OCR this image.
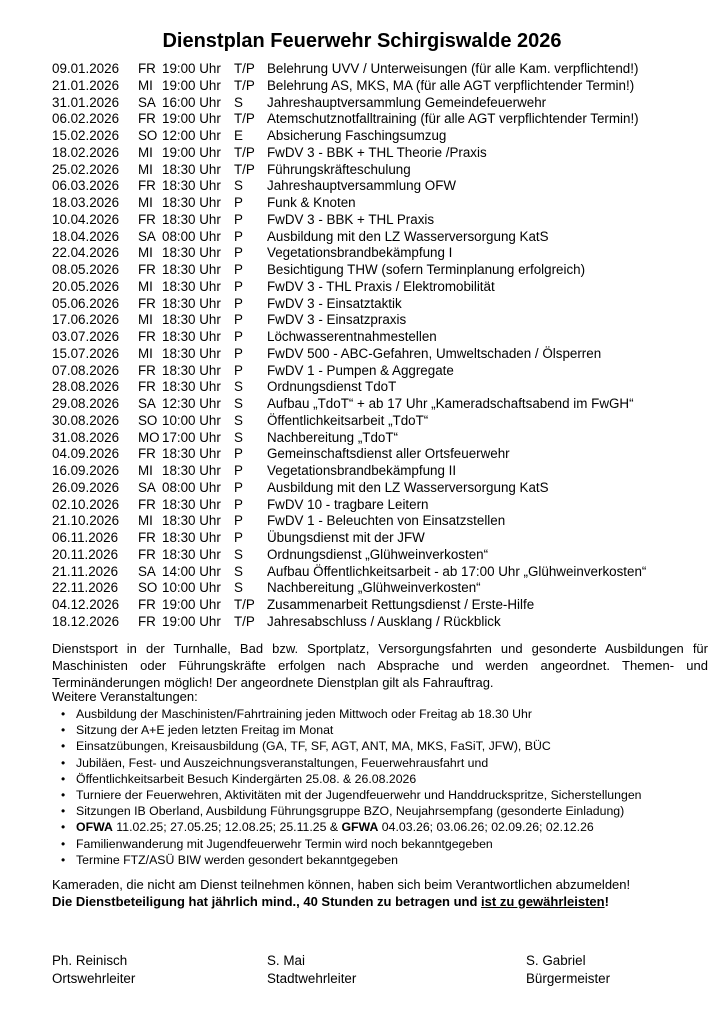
Dienstplan Feuerwehr Schirgiswalde 2026
09.01.2026 FR 19:00 Uhr T/P Belehrung UVV / Unterweisungen (für alle Kam. verpflichtend!)
21.01.2026 MI 19:00 Uhr T/P Belehrung AS, MKS, MA (für alle AGT verpflichtender Termin!)
31.01.2026 SA 16:00 Uhr S Jahreshauptversammlung Gemeindefeuerwehr
06.02.2026 FR 19:00 Uhr T/P Atemschutznotfalltraining (für alle AGT verpflichtender Termin!)
15.02.2026 SO 12:00 Uhr E Absicherung Faschingsumzug
18.02.2026 MI 19:00 Uhr T/P FwDV 3 - BBK + THL Theorie /Praxis
25.02.2026 MI 18:30 Uhr T/P Führungskräfteschulung
06.03.2026 FR 18:30 Uhr S Jahreshauptversammlung OFW
18.03.2026 MI 18:30 Uhr P Funk & Knoten
10.04.2026 FR 18:30 Uhr P FwDV 3 - BBK + THL Praxis
18.04.2026 SA 08:00 Uhr P Ausbildung mit den LZ Wasserversorgung KatS
22.04.2026 MI 18:30 Uhr P Vegetationsbrandbekämpfung I
08.05.2026 FR 18:30 Uhr P Besichtigung THW (sofern Terminplanung erfolgreich)
20.05.2026 MI 18:30 Uhr P FwDV 3 - THL Praxis / Elektromobilität
05.06.2026 FR 18:30 Uhr P FwDV 3 - Einsatztaktik
17.06.2026 MI 18:30 Uhr P FwDV 3 - Einsatzpraxis
03.07.2026 FR 18:30 Uhr P Löchwasserentnahmestellen
15.07.2026 MI 18:30 Uhr P FwDV 500 - ABC-Gefahren, Umweltschaden / Ölsperren
07.08.2026 FR 18:30 Uhr P FwDV 1 - Pumpen & Aggregate
28.08.2026 FR 18:30 Uhr S Ordnungsdienst TdoT
29.08.2026 SA 12:30 Uhr S Aufbau „TdoT“ + ab 17 Uhr „Kameradschaftsabend im FwGH“
30.08.2026 SO 10:00 Uhr S Öffentlichkeitsarbeit „TdoT“
31.08.2026 MO 17:00 Uhr S Nachbereitung „TdoT“
04.09.2026 FR 18:30 Uhr P Gemeinschaftsdienst aller Ortsfeuerwehr
16.09.2026 MI 18:30 Uhr P Vegetationsbrandbekämpfung II
26.09.2026 SA 08:00 Uhr P Ausbildung mit den LZ Wasserversorgung KatS
02.10.2026 FR 18:30 Uhr P FwDV 10 - tragbare Leitern
21.10.2026 MI 18:30 Uhr P FwDV 1 - Beleuchten von Einsatzstellen
06.11.2026 FR 18:30 Uhr P Übungsdienst mit der JFW
20.11.2026 FR 18:30 Uhr S Ordnungsdienst „Glühweinverkosten“
21.11.2026 SA 14:00 Uhr S Aufbau Öffentlichkeitsarbeit - ab 17:00 Uhr „Glühweinverkosten“
22.11.2026 SO 10:00 Uhr S Nachbereitung „Glühweinverkosten“
04.12.2026 FR 19:00 Uhr T/P Zusammenarbeit Rettungsdienst / Erste-Hilfe
18.12.2026 FR 19:00 Uhr T/P Jahresabschluss / Ausklang / Rückblick

Dienstsport in der Turnhalle, Bad bzw. Sportplatz, Versorgungsfahrten und gesonderte Ausbildungen für Maschinisten oder Führungskräfte erfolgen nach Absprache und werden angeordnet. Themen- und Terminänderungen möglich! Der angeordnete Dienstplan gilt als Fahrauftrag.

Weitere Veranstaltungen:

• Ausbildung der Maschinisten/Fahrtraining jeden Mittwoch oder Freitag ab 18.30 Uhr
• Sitzung der A+E jeden letzten Freitag im Monat
• Einsatzübungen, Kreisausbildung (GA, TF, SF, AGT, ANT, MA, MKS, FaSiT, JFW), BÜC
• Jubiläen, Fest- und Auszeichnungsveranstaltungen, Feuerwehrausfahrt und
• Öffentlichkeitsarbeit Besuch Kindergärten 25.08. & 26.08.2026
• Turniere der Feuerwehren, Aktivitäten mit der Jugendfeuerwehr und Handdruckspritze, Sicherstellungen
• Sitzungen IB Oberland, Ausbildung Führungsgruppe BZO, Neujahrsempfang (gesonderte Einladung)
• OFWA 11.02.25; 27.05.25; 12.08.25; 25.11.25 & GFWA 04.03.26; 03.06.26; 02.09.26; 02.12.26
• Familienwanderung mit Jugendfeuerwehr Termin wird noch bekanntgegeben
• Termine FTZ/ASÜ BIW werden gesondert bekanntgegeben

Kameraden, die nicht am Dienst teilnehmen können, haben sich beim Verantwortlichen abzumelden!

Die Dienstbeteiligung hat jährlich mind., 40 Stunden zu betragen und ist zu gewährleisten!

Ph. Reinisch
Ortswehrleiter
S. Mai
Stadtwehrleiter
S. Gabriel
Bürgermeister
